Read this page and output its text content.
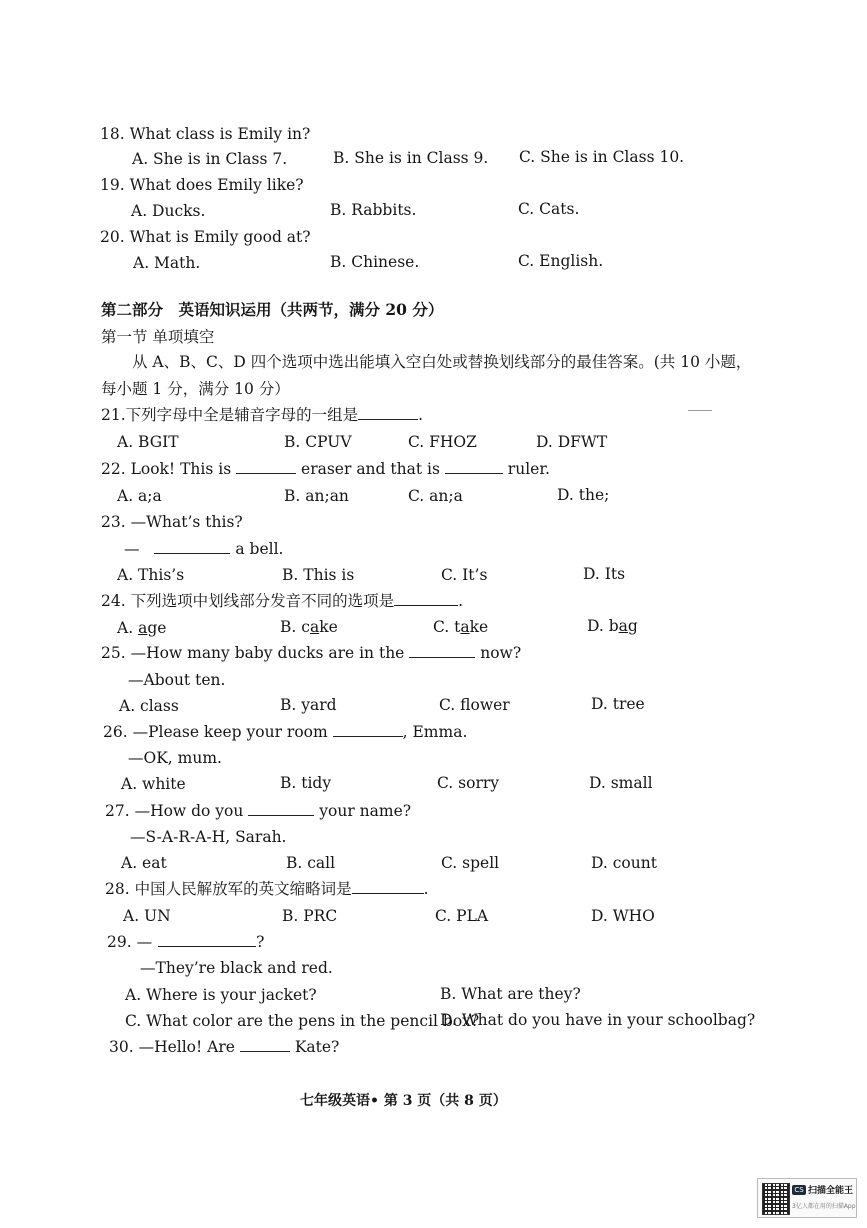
18. What class is Emily in?
A. She is in Class 7.	B. She is in Class 9. C. She is in Class 10.
19. What does Emily like?
A. Ducks.	B. Rabbits.	C. Cats.
20. What is Emily good at?
A. Math.	B. Chinese.	C. English.
第二部分　英语知识运用（共两节，满分 20 分）
第一节 单项填空
从 A、B、C、D 四个选项中选出能填入空白处或替换划线部分的最佳答案。(共 10 小题，
每小题 1 分，满分 10 分）
21.下列字母中全是辅音字母的一组是	.
A. BGIT	B. CPUV	C. FHOZ	D. DFWT
22. Look! This is	eraser and that is	ruler.
A. a;a	B. an;an	C. an;a	D. the;
23. —What’s this?
—	a bell.
A. This’s	B. This is	C. It’s	D. Its
24. 下列选项中划线部分发音不同的选项是	.
A. age	B. cake	C. take	D. bag
25. —How many baby ducks are in the	now?
—About ten.
A. class	B. yard	C. flower	D. tree
26. —Please keep your room	, Emma.
—OK, mum.
A. white	B. tidy	C. sorry	D. small
27. —How do you	your name?
—S-A-R-A-H, Sarah.
A. eat	B. call	C. spell	D. count
28. 中国人民解放军的英文缩略词是	.
A. UN	B. PRC	C. PLA	D. WHO
29. —	?
—They’re black and red.
A. Where is your jacket?	B. What are they?
C. What color are the pens in the pencil box?
D. What do you have in your schoolbag?
30. —Hello! Are	Kate?
七年级英语• 第 3 页（共 8 页）
CS 扫描全能王
3亿人都在用的扫描App
